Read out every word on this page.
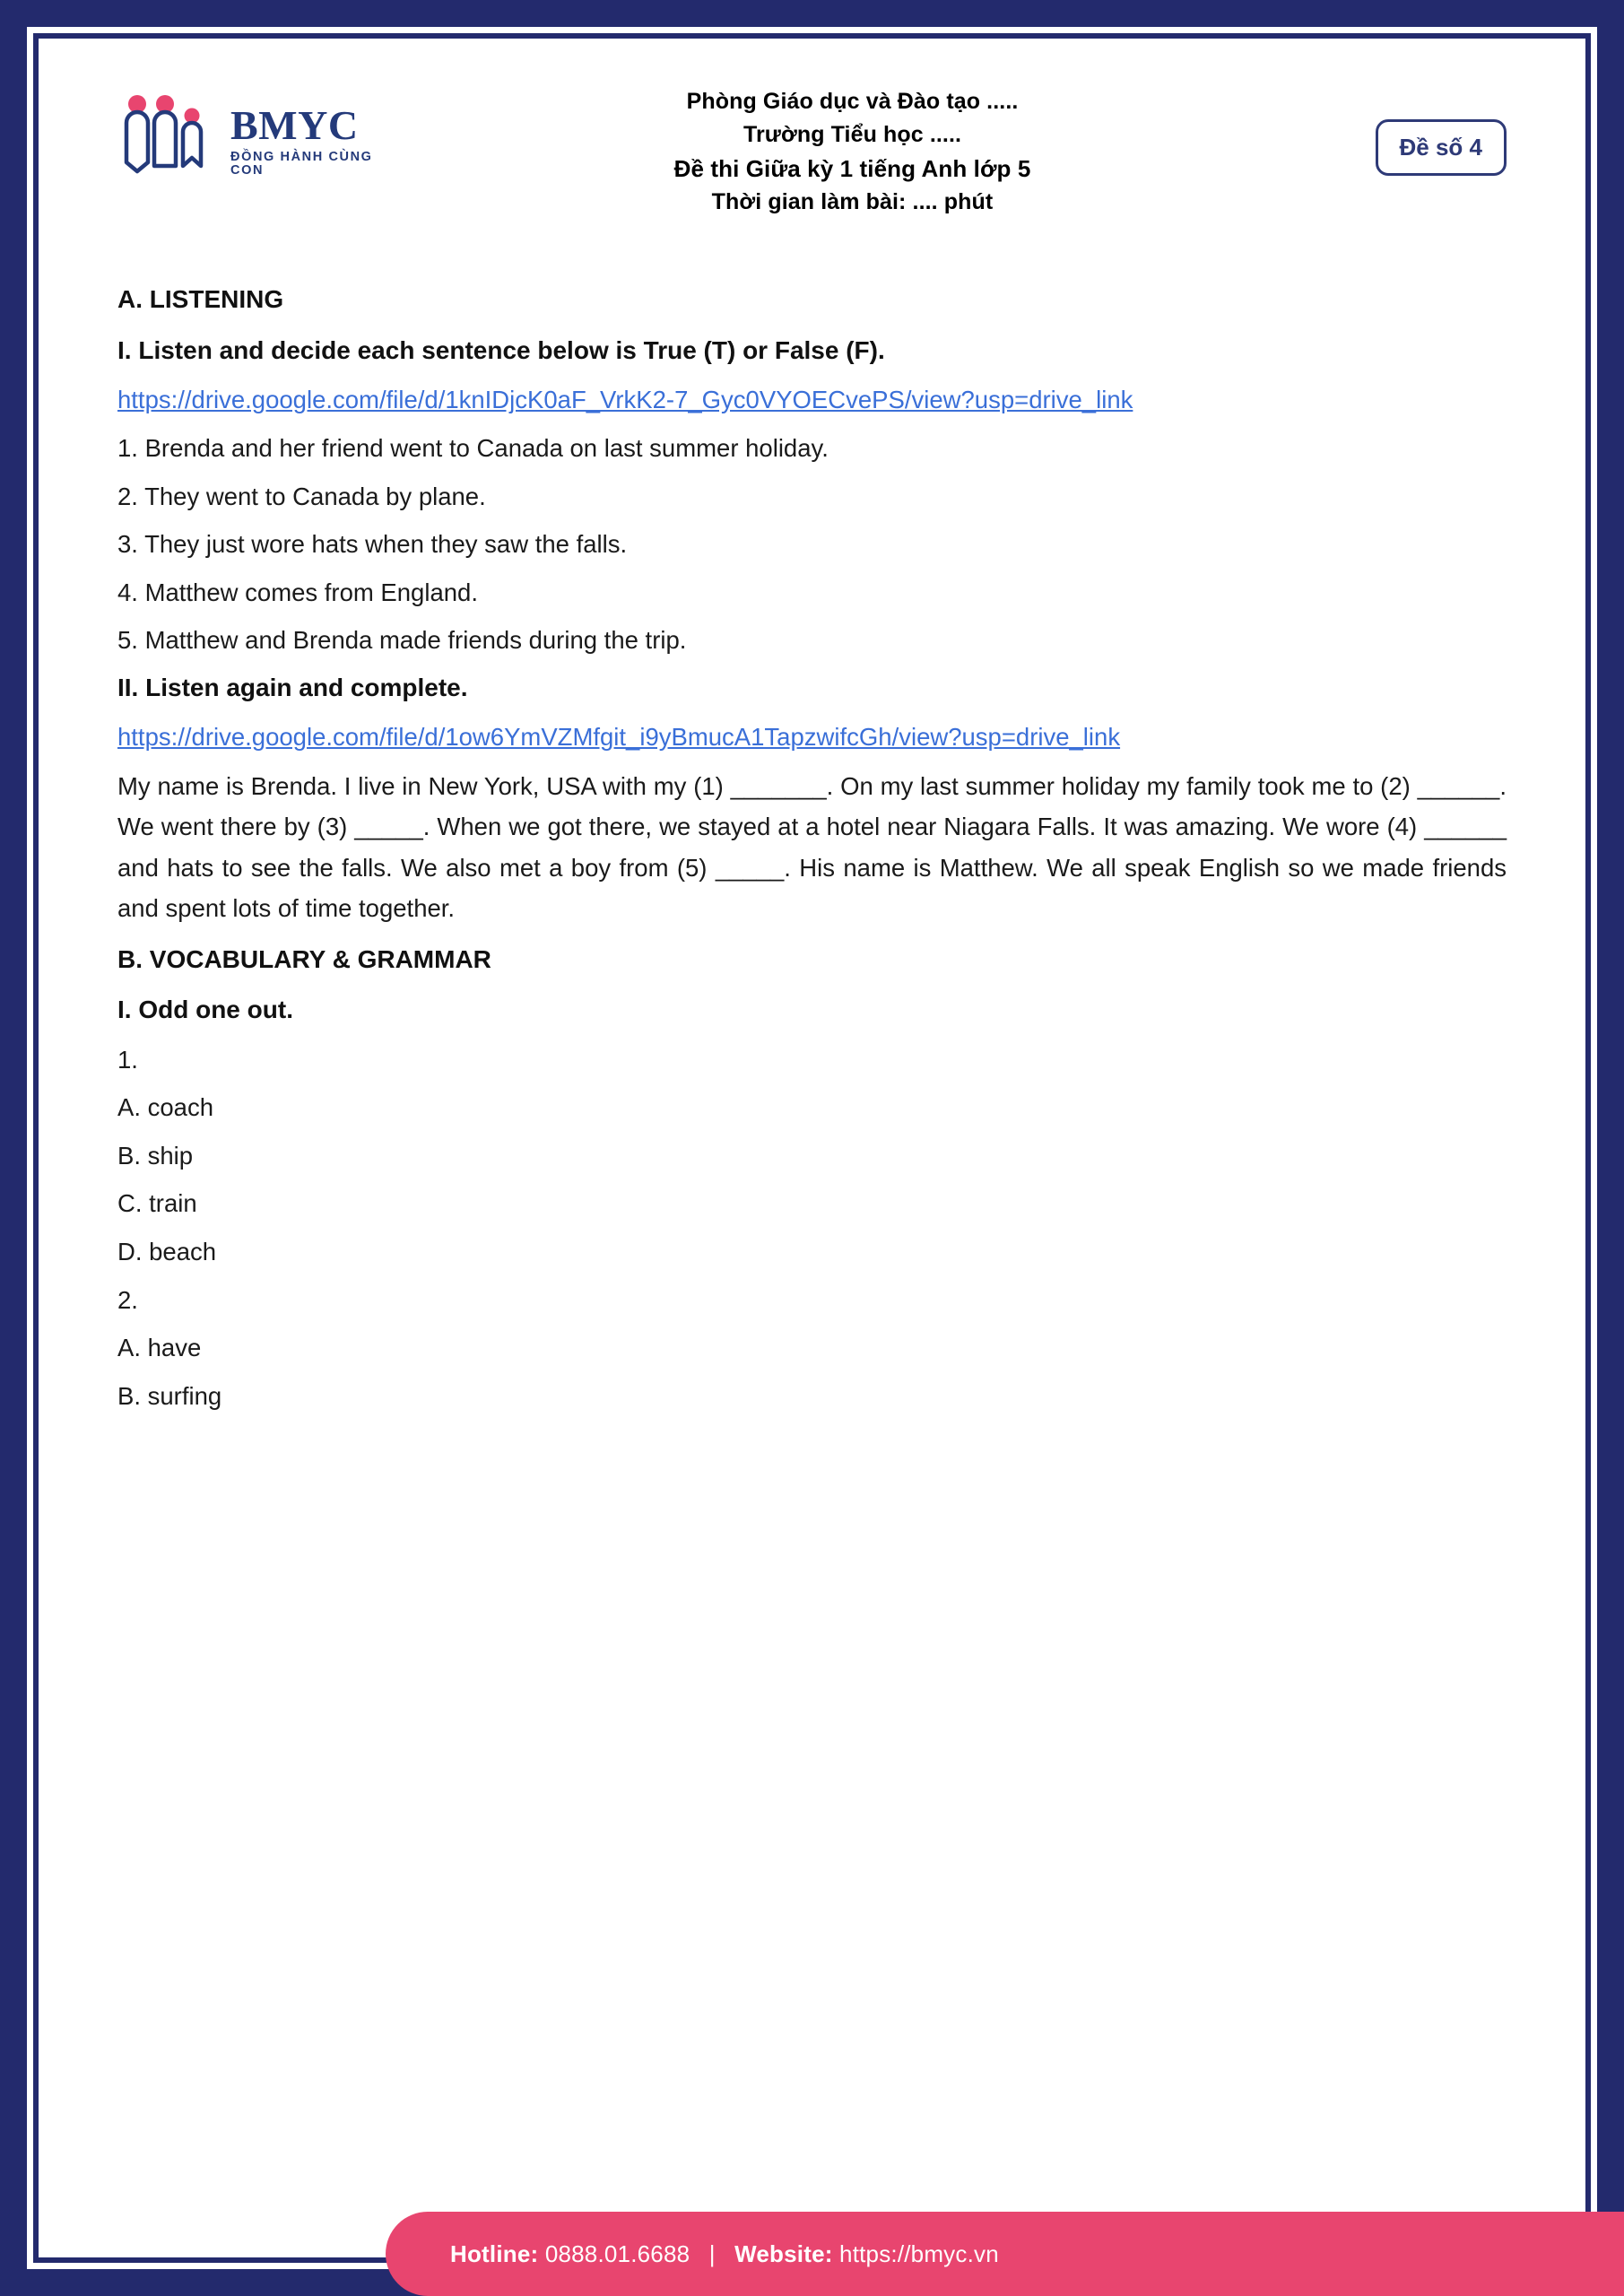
BMYC
ĐỒNG HÀNH CÙNG CON
Phòng Giáo dục và Đào tạo .....
Trường Tiểu học .....
Đề thi Giữa kỳ 1 tiếng Anh lớp 5
Thời gian làm bài: .... phút
Đề số 4
A. LISTENING
I. Listen and decide each sentence below is True (T) or False (F).
https://drive.google.com/file/d/1knIDjcK0aF_VrkK2-7_Gyc0VYOECvePS/view?usp=drive_link
1. Brenda and her friend went to Canada on last summer holiday.
2. They went to Canada by plane.
3. They just wore hats when they saw the falls.
4. Matthew comes from England.
5. Matthew and Brenda made friends during the trip.
II. Listen again and complete.
https://drive.google.com/file/d/1ow6YmVZMfgit_i9yBmucA1TapzwifcGh/view?usp=drive_link
My name is Brenda. I live in New York, USA with my (1) _______. On my last summer holiday my family took me to (2) ______. We went there by (3) _____. When we got there, we stayed at a hotel near Niagara Falls. It was amazing. We wore (4) ______ and hats to see the falls. We also met a boy from (5) _____. His name is Matthew. We all speak English so we made friends and spent lots of time together.
B. VOCABULARY & GRAMMAR
I. Odd one out.
1.
A. coach
B. ship
C. train
D. beach
2.
A. have
B. surfing
Hotline: 0888.01.6688 | Website: https://bmyc.vn
